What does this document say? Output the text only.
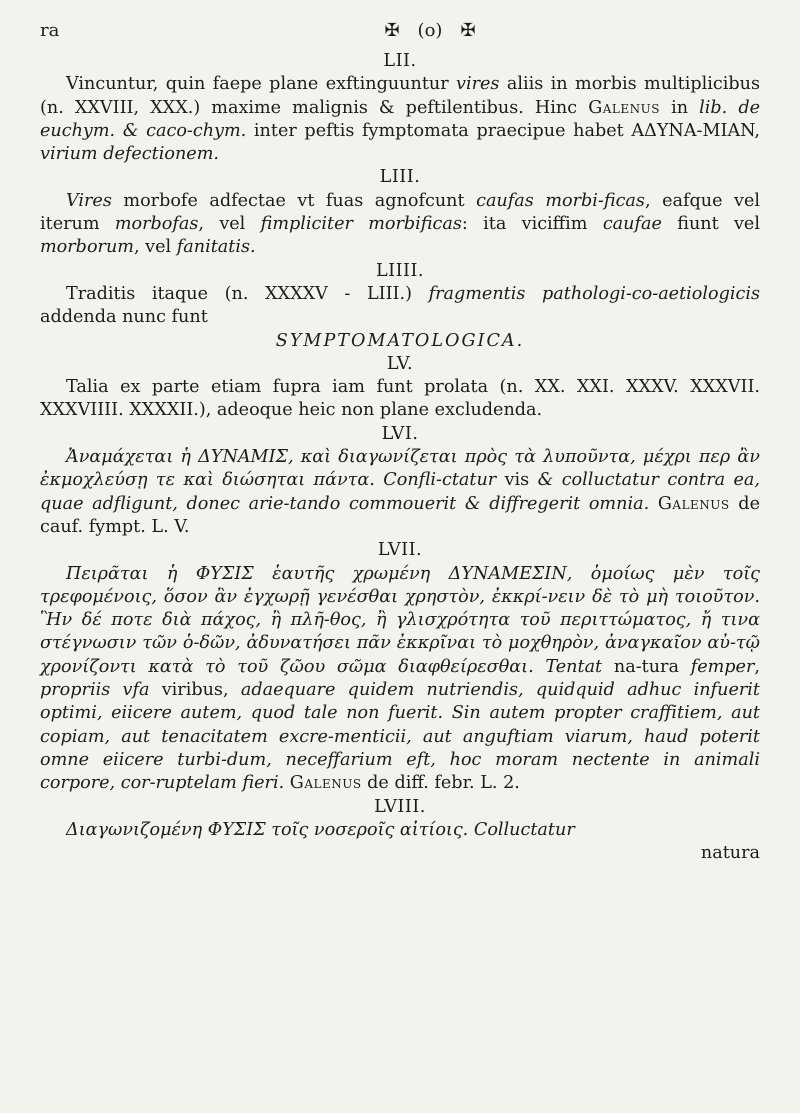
ra	✠ (o) ✠

LII.

Vincuntur, quin faepe plane exftinguuntur vires aliis in morbis multiplicibus (n. XXVIII, XXX.) maxime malignis & peftilentibus. Hinc Galenus in lib. de euchym. & caco-chym. inter peftis fymptomata praecipue habet AΔΥΝΑ-MIAN, virium defectionem.

LIII.

Vires morbofe adfectae vt fuas agnofcunt caufas morbi-ficas, eafque vel iterum morbofas, vel fimpliciter morbificas: ita viciffim caufae fiunt vel morborum, vel fanitatis.

LIIII.

Traditis itaque (n. XXXXV - LIII.) fragmentis pathologi-co-aetiologicis addenda nunc funt

SYMPTOMATOLOGICA.

LV.

Talia ex parte etiam fupra iam funt prolata (n. XX. XXI. XXXV. XXXVII. XXXVIIII. XXXXII.), adeoque heic non plane excludenda.

LVI.

Ἀναμάχεται ἡ ΔΥΝΑΜΙΣ, καὶ διαγωνίζεται πρὸς τὰ λυποῦντα, μέχρι περ ἂν ἐκμοχλεύσῃ τε καὶ διώσηται πάντα. Confli-ctatur vis & colluctatur contra ea, quae adfligunt, donec arie-tando commouerit & diffregerit omnia. Galenus de cauf. fympt. L. V.

LVII.

Πειρᾶται ἡ ΦΥΣΙΣ ἑαυτῆς χρωμένη ΔΥΝΑΜΕΣΙΝ, ὁμοίως μὲν τοῖς τρεφομένοις, ὅσον ἂν ἐγχωρῇ γενέσθαι χρηστὸν, ἐκκρί-νειν δὲ τὸ μὴ τοιοῦτον. Ἣν δέ ποτε διὰ πάχος, ἢ πλῆ-θος, ἢ γλισχρότητα τοῦ περιττώματος, ἤ τινα στέγνωσιν τῶν ὁ-δῶν, ἀδυνατήσει πᾶν ἐκκρῖναι τὸ μοχθηρὸν, ἀναγκαῖον αὐ-τῷ χρονίζοντι κατὰ τὸ τοῦ ζῶου σῶμα διαφθείρεσθαι. Tentat na-tura femper, propriis vfa viribus, adaequare quidem nutriendis, quidquid adhuc infuerit optimi, eiicere autem, quod tale non fuerit. Sin autem propter craffitiem, aut copiam, aut tenacitatem excre-menticii, aut anguftiam viarum, haud poterit omne eiicere turbi-dum, neceffarium eft, hoc moram nectente in animali corpore, cor-ruptelam fieri. Galenus de diff. febr. L. 2.

LVIII.

Διαγωνιζομένη ΦΥΣΙΣ τοῖς νοσεροῖς αἰτίοις. Colluctatur

natura
